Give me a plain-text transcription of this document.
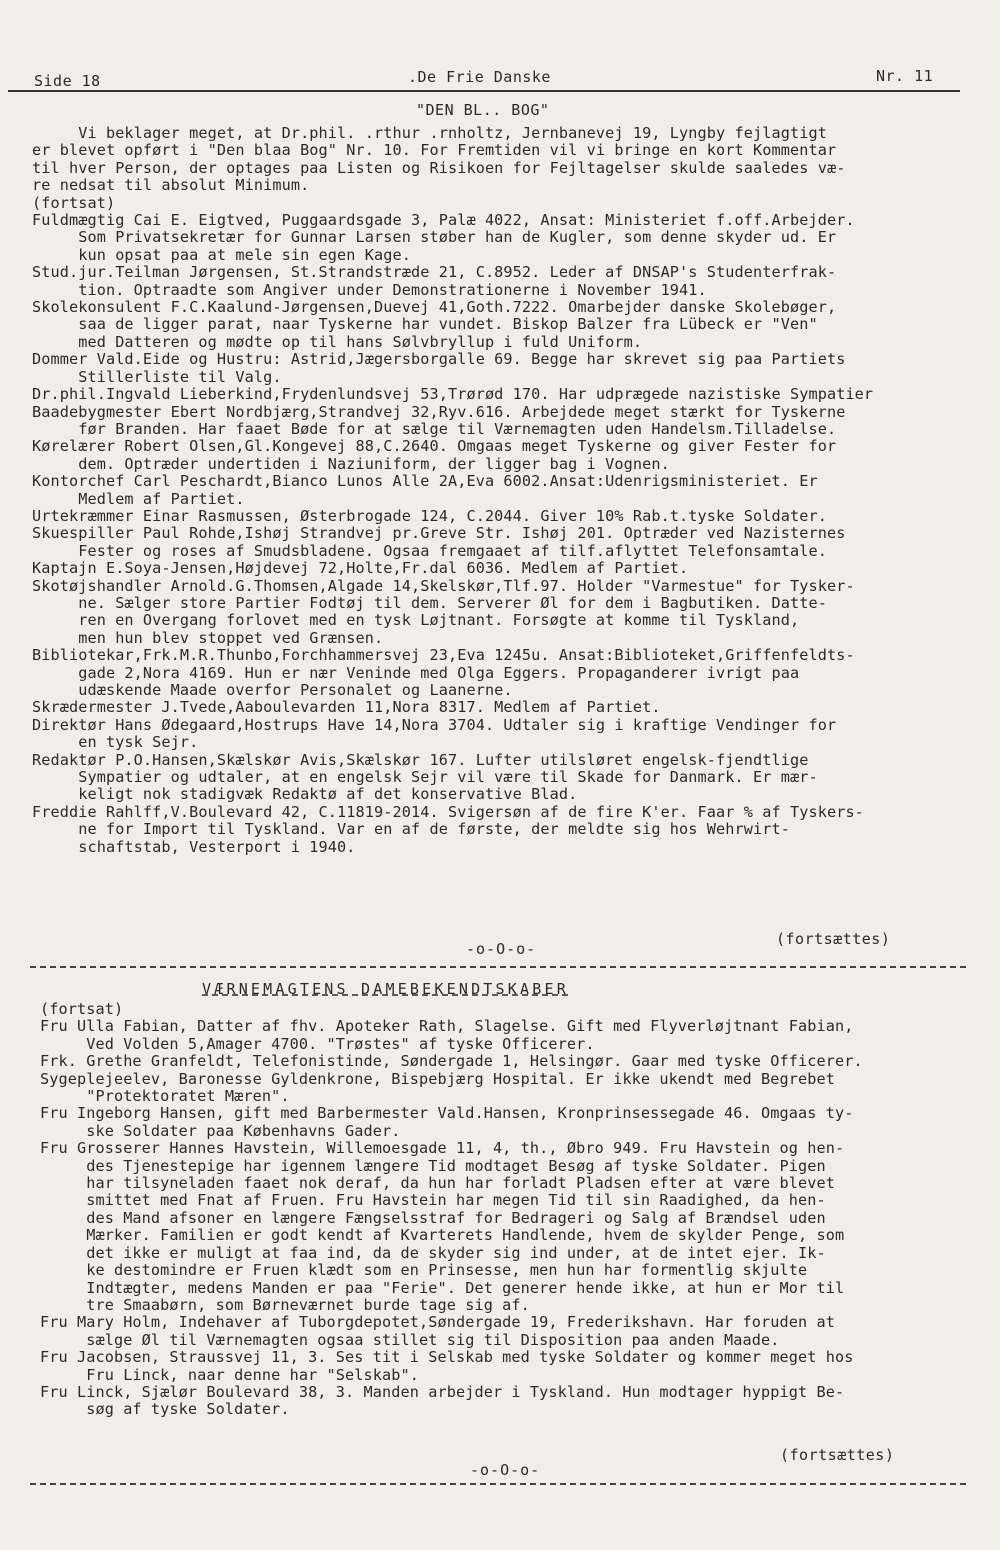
Side 18	.De Frie Danske	Nr. 11
"DEN BL.. BOG"
Vi beklager meget, at Dr.phil. .rthur .rnholtz, Jernbanevej 19, Lyngby fejlagtigt
er blevet opført i "Den blaa Bog" Nr. 10. For Fremtiden vil vi bringe en kort Kommentar
til hver Person, der optages paa Listen og Risikoen for Fejltagelser skulde saaledes væ-
re nedsat til absolut Minimum.
(fortsat)
Fuldmægtig Cai E. Eigtved, Puggaardsgade 3, Palæ 4022, Ansat: Ministeriet f.off.Arbejder.
Som Privatsekretær for Gunnar Larsen støber han de Kugler, som denne skyder ud. Er
kun opsat paa at mele sin egen Kage.
Stud.jur.Teilman Jørgensen, St.Strandstræde 21, C.8952. Leder af DNSAP's Studenterfrak-
tion. Optraadte som Angiver under Demonstrationerne i November 1941.
Skolekonsulent F.C.Kaalund-Jørgensen,Duevej 41,Goth.7222. Omarbejder danske Skolebøger,
saa de ligger parat, naar Tyskerne har vundet. Biskop Balzer fra Lübeck er "Ven"
med Datteren og mødte op til hans Sølvbryllup i fuld Uniform.
Dommer Vald.Eide og Hustru: Astrid,Jægersborgalle 69. Begge har skrevet sig paa Partiets
Stillerliste til Valg.
Dr.phil.Ingvald Lieberkind,Frydenlundsvej 53,Trørød 170. Har udprægede nazistiske Sympatier
Baadebygmester Ebert Nordbjærg,Strandvej 32,Ryv.616. Arbejdede meget stærkt for Tyskerne
før Branden. Har faaet Bøde for at sælge til Værnemagten uden Handelsm.Tilladelse.
Kørelærer Robert Olsen,Gl.Kongevej 88,C.2640. Omgaas meget Tyskerne og giver Fester for
dem. Optræder undertiden i Naziuniform, der ligger bag i Vognen.
Kontorchef Carl Peschardt,Bianco Lunos Alle 2A,Eva 6002.Ansat:Udenrigsministeriet. Er
Medlem af Partiet.
Urtekræmmer Einar Rasmussen, Østerbrogade 124, C.2044. Giver 10% Rab.t.tyske Soldater.
Skuespiller Paul Rohde,Ishøj Strandvej pr.Greve Str. Ishøj 201. Optræder ved Nazisternes
Fester og roses af Smudsbladene. Ogsaa fremgaaet af tilf.aflyttet Telefonsamtale.
Kaptajn E.Soya-Jensen,Højdevej 72,Holte,Fr.dal 6036. Medlem af Partiet.
Skotøjshandler Arnold.G.Thomsen,Algade 14,Skelskør,Tlf.97. Holder "Varmestue" for Tysker-
ne. Sælger store Partier Fodtøj til dem. Serverer Øl for dem i Bagbutiken. Datte-
ren en Overgang forlovet med en tysk Løjtnant. Forsøgte at komme til Tyskland,
men hun blev stoppet ved Grænsen.
Bibliotekar,Frk.M.R.Thunbo,Forchhammersvej 23,Eva 1245u. Ansat:Biblioteket,Griffenfeldts-
gade 2,Nora 4169. Hun er nær Veninde med Olga Eggers. Propaganderer ivrigt paa
udæskende Maade overfor Personalet og Laanerne.
Skrædermester J.Tvede,Aaboulevarden 11,Nora 8317. Medlem af Partiet.
Direktør Hans Ødegaard,Hostrups Have 14,Nora 3704. Udtaler sig i kraftige Vendinger for
en tysk Sejr.
Redaktør P.O.Hansen,Skælskør Avis,Skælskør 167. Lufter utilsløret engelsk-fjendtlige
Sympatier og udtaler, at en engelsk Sejr vil være til Skade for Danmark. Er mær-
keligt nok stadigvæk Redaktø af det konservative Blad.
Freddie Rahlff,V.Boulevard 42, C.11819-2014. Svigersøn af de fire K'er. Faar % af Tyskers-
ne for Import til Tyskland. Var en af de første, der meldte sig hos Wehrwirt-
schaftstab, Vesterport i 1940.
(fortsættes)
-o-O-o-
VÆRNEMAGTENS DAMEBEKENDTSKABER
(fortsat)
Fru Ulla Fabian, Datter af fhv. Apoteker Rath, Slagelse. Gift med Flyverløjtnant Fabian,
Ved Volden 5,Amager 4700. "Trøstes" af tyske Officerer.
Frk. Grethe Granfeldt, Telefonistinde, Søndergade 1, Helsingør. Gaar med tyske Officerer.
Sygeplejeelev, Baronesse Gyldenkrone, Bispebjærg Hospital. Er ikke ukendt med Begrebet
"Protektoratet Mæren".
Fru Ingeborg Hansen, gift med Barbermester Vald.Hansen, Kronprinsessegade 46. Omgaas ty-
ske Soldater paa Københavns Gader.
Fru Grosserer Hannes Havstein, Willemoesgade 11, 4, th., Øbro 949. Fru Havstein og hen-
des Tjenestepige har igennem længere Tid modtaget Besøg af tyske Soldater. Pigen
har tilsyneladen faaet nok deraf, da hun har forladt Pladsen efter at være blevet
smittet med Fnat af Fruen. Fru Havstein har megen Tid til sin Raadighed, da hen-
des Mand afsoner en længere Fængselsstraf for Bedrageri og Salg af Brændsel uden
Mærker. Familien er godt kendt af Kvarterets Handlende, hvem de skylder Penge, som
det ikke er muligt at faa ind, da de skyder sig ind under, at de intet ejer. Ik-
ke destomindre er Fruen klædt som en Prinsesse, men hun har formentlig skjulte
Indtægter, medens Manden er paa "Ferie". Det generer hende ikke, at hun er Mor til
tre Smaabørn, som Børneværnet burde tage sig af.
Fru Mary Holm, Indehaver af Tuborgdepotet,Søndergade 19, Frederikshavn. Har foruden at
sælge Øl til Værnemagten ogsaa stillet sig til Disposition paa anden Maade.
Fru Jacobsen, Straussvej 11, 3. Ses tit i Selskab med tyske Soldater og kommer meget hos
Fru Linck, naar denne har "Selskab".
Fru Linck, Sjælør Boulevard 38, 3. Manden arbejder i Tyskland. Hun modtager hyppigt Be-
søg af tyske Soldater.
(fortsættes)
-o-O-o-
